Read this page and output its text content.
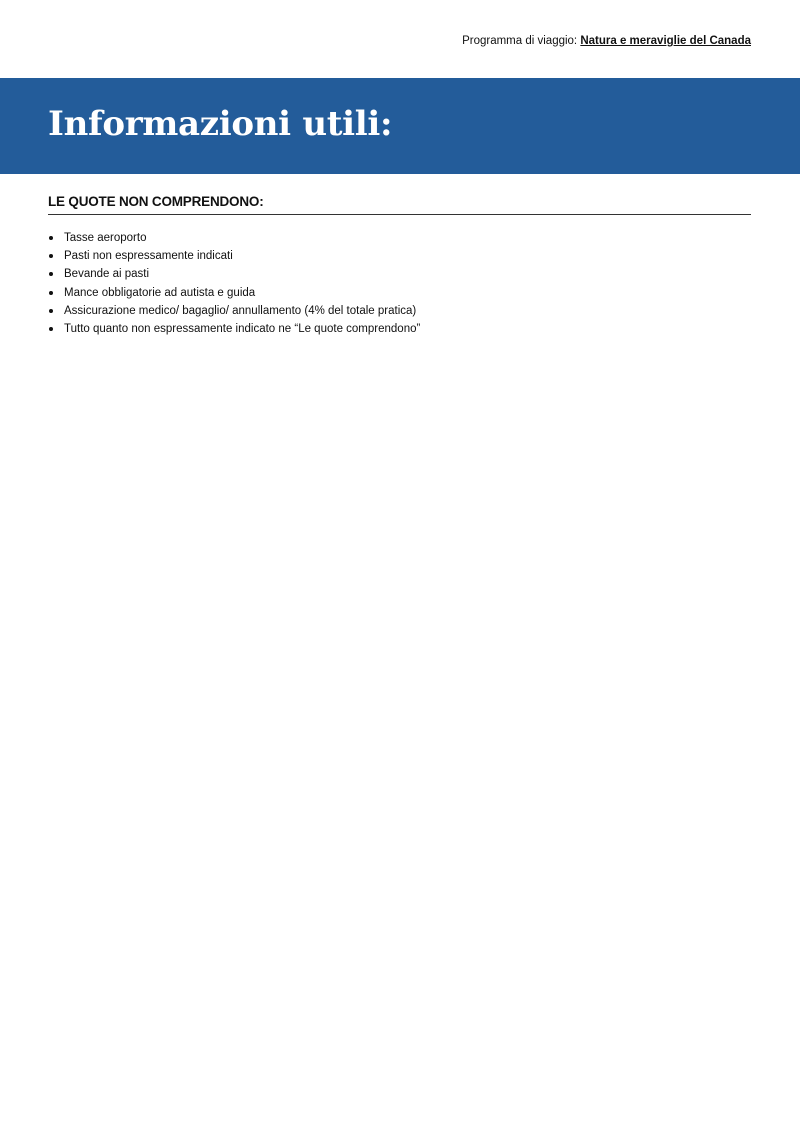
Programma di viaggio: Natura e meraviglie del Canada
Informazioni utili:
LE QUOTE NON COMPRENDONO:
Tasse aeroporto
Pasti non espressamente indicati
Bevande ai pasti
Mance obbligatorie ad autista e guida
Assicurazione medico/ bagaglio/ annullamento (4% del totale pratica)
Tutto quanto non espressamente indicato ne “Le quote comprendono”
